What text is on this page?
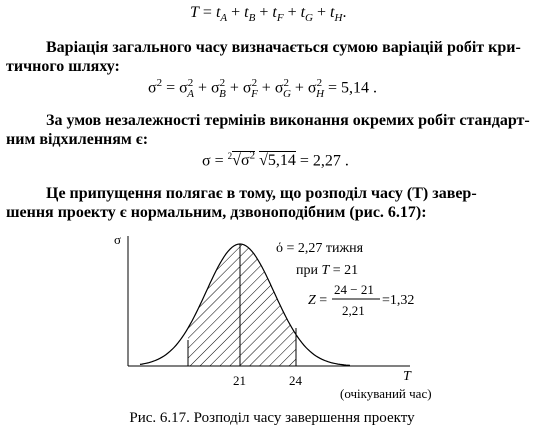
$T = t_A + t_B + t_F + t_G + t_H$.
Варіація загального часу визначається сумою варіацій робіт кри-
тичного шляху:
$\sigma^2 = \sigma^2_A + \sigma^2_B + \sigma^2_F + \sigma^2_G + \sigma^2_H = 5,14$ .
За умов незалежності термінів виконання окремих робіт стандарт-
ним відхиленням є:
$\sigma = ^2√\sigma^2$ √5,14 = 2,27 .
Це припущення полягає в тому, що розподіл часу (T) завер-
шення проекту є нормальним, дзвоноподібним (рис. 6.17):
σ
T
(очікуваний час)
21	24
ό = 2,27 тижня
при T = 21
Z =
24 − 21
2,21
=1,32
Рис. 6.17. Розподіл часу завершення проекту
